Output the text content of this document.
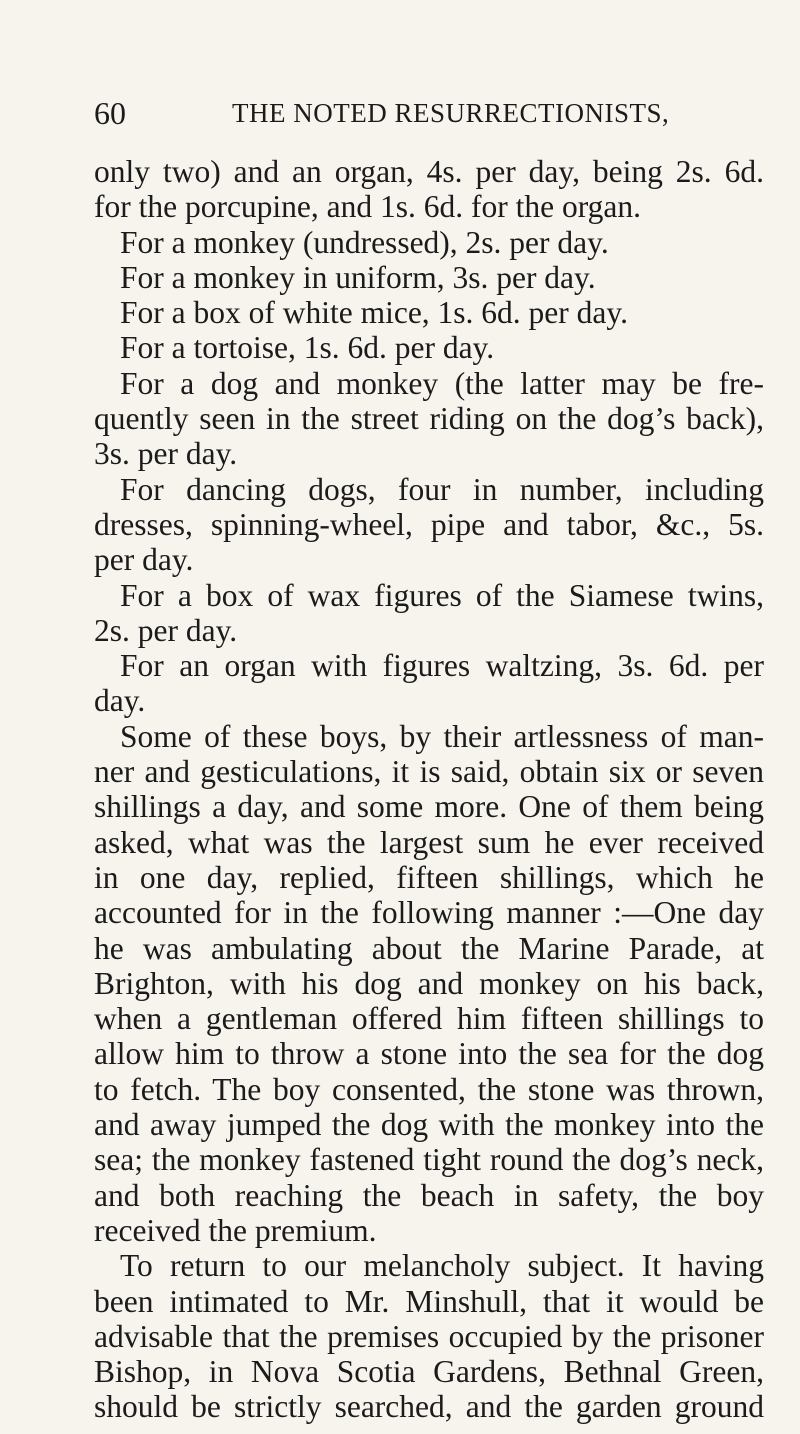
60	THE NOTED RESURRECTIONISTS,
only two) and an organ, 4s. per day, being 2s. 6d.
for the porcupine, and 1s. 6d. for the organ.
For a monkey (undressed), 2s. per day.
For a monkey in uniform, 3s. per day.
For a box of white mice, 1s. 6d. per day.
For a tortoise, 1s. 6d. per day.
For a dog and monkey (the latter may be fre-
quently seen in the street riding on the dog’s back),
3s. per day.
For dancing dogs, four in number, including
dresses, spinning-wheel, pipe and tabor, &c., 5s.
per day.
For a box of wax figures of the Siamese twins,
2s. per day.
For an organ with figures waltzing, 3s. 6d. per
day.
Some of these boys, by their artlessness of man-
ner and gesticulations, it is said, obtain six or seven
shillings a day, and some more. One of them being
asked, what was the largest sum he ever received
in one day, replied, fifteen shillings, which he
accounted for in the following manner :—One day
he was ambulating about the Marine Parade, at
Brighton, with his dog and monkey on his back,
when a gentleman offered him fifteen shillings to
allow him to throw a stone into the sea for the dog
to fetch. The boy consented, the stone was thrown,
and away jumped the dog with the monkey into the
sea; the monkey fastened tight round the dog’s neck,
and both reaching the beach in safety, the boy
received the premium.
To return to our melancholy subject. It having
been intimated to Mr. Minshull, that it would be
advisable that the premises occupied by the prisoner
Bishop, in Nova Scotia Gardens, Bethnal Green,
should be strictly searched, and the garden ground
